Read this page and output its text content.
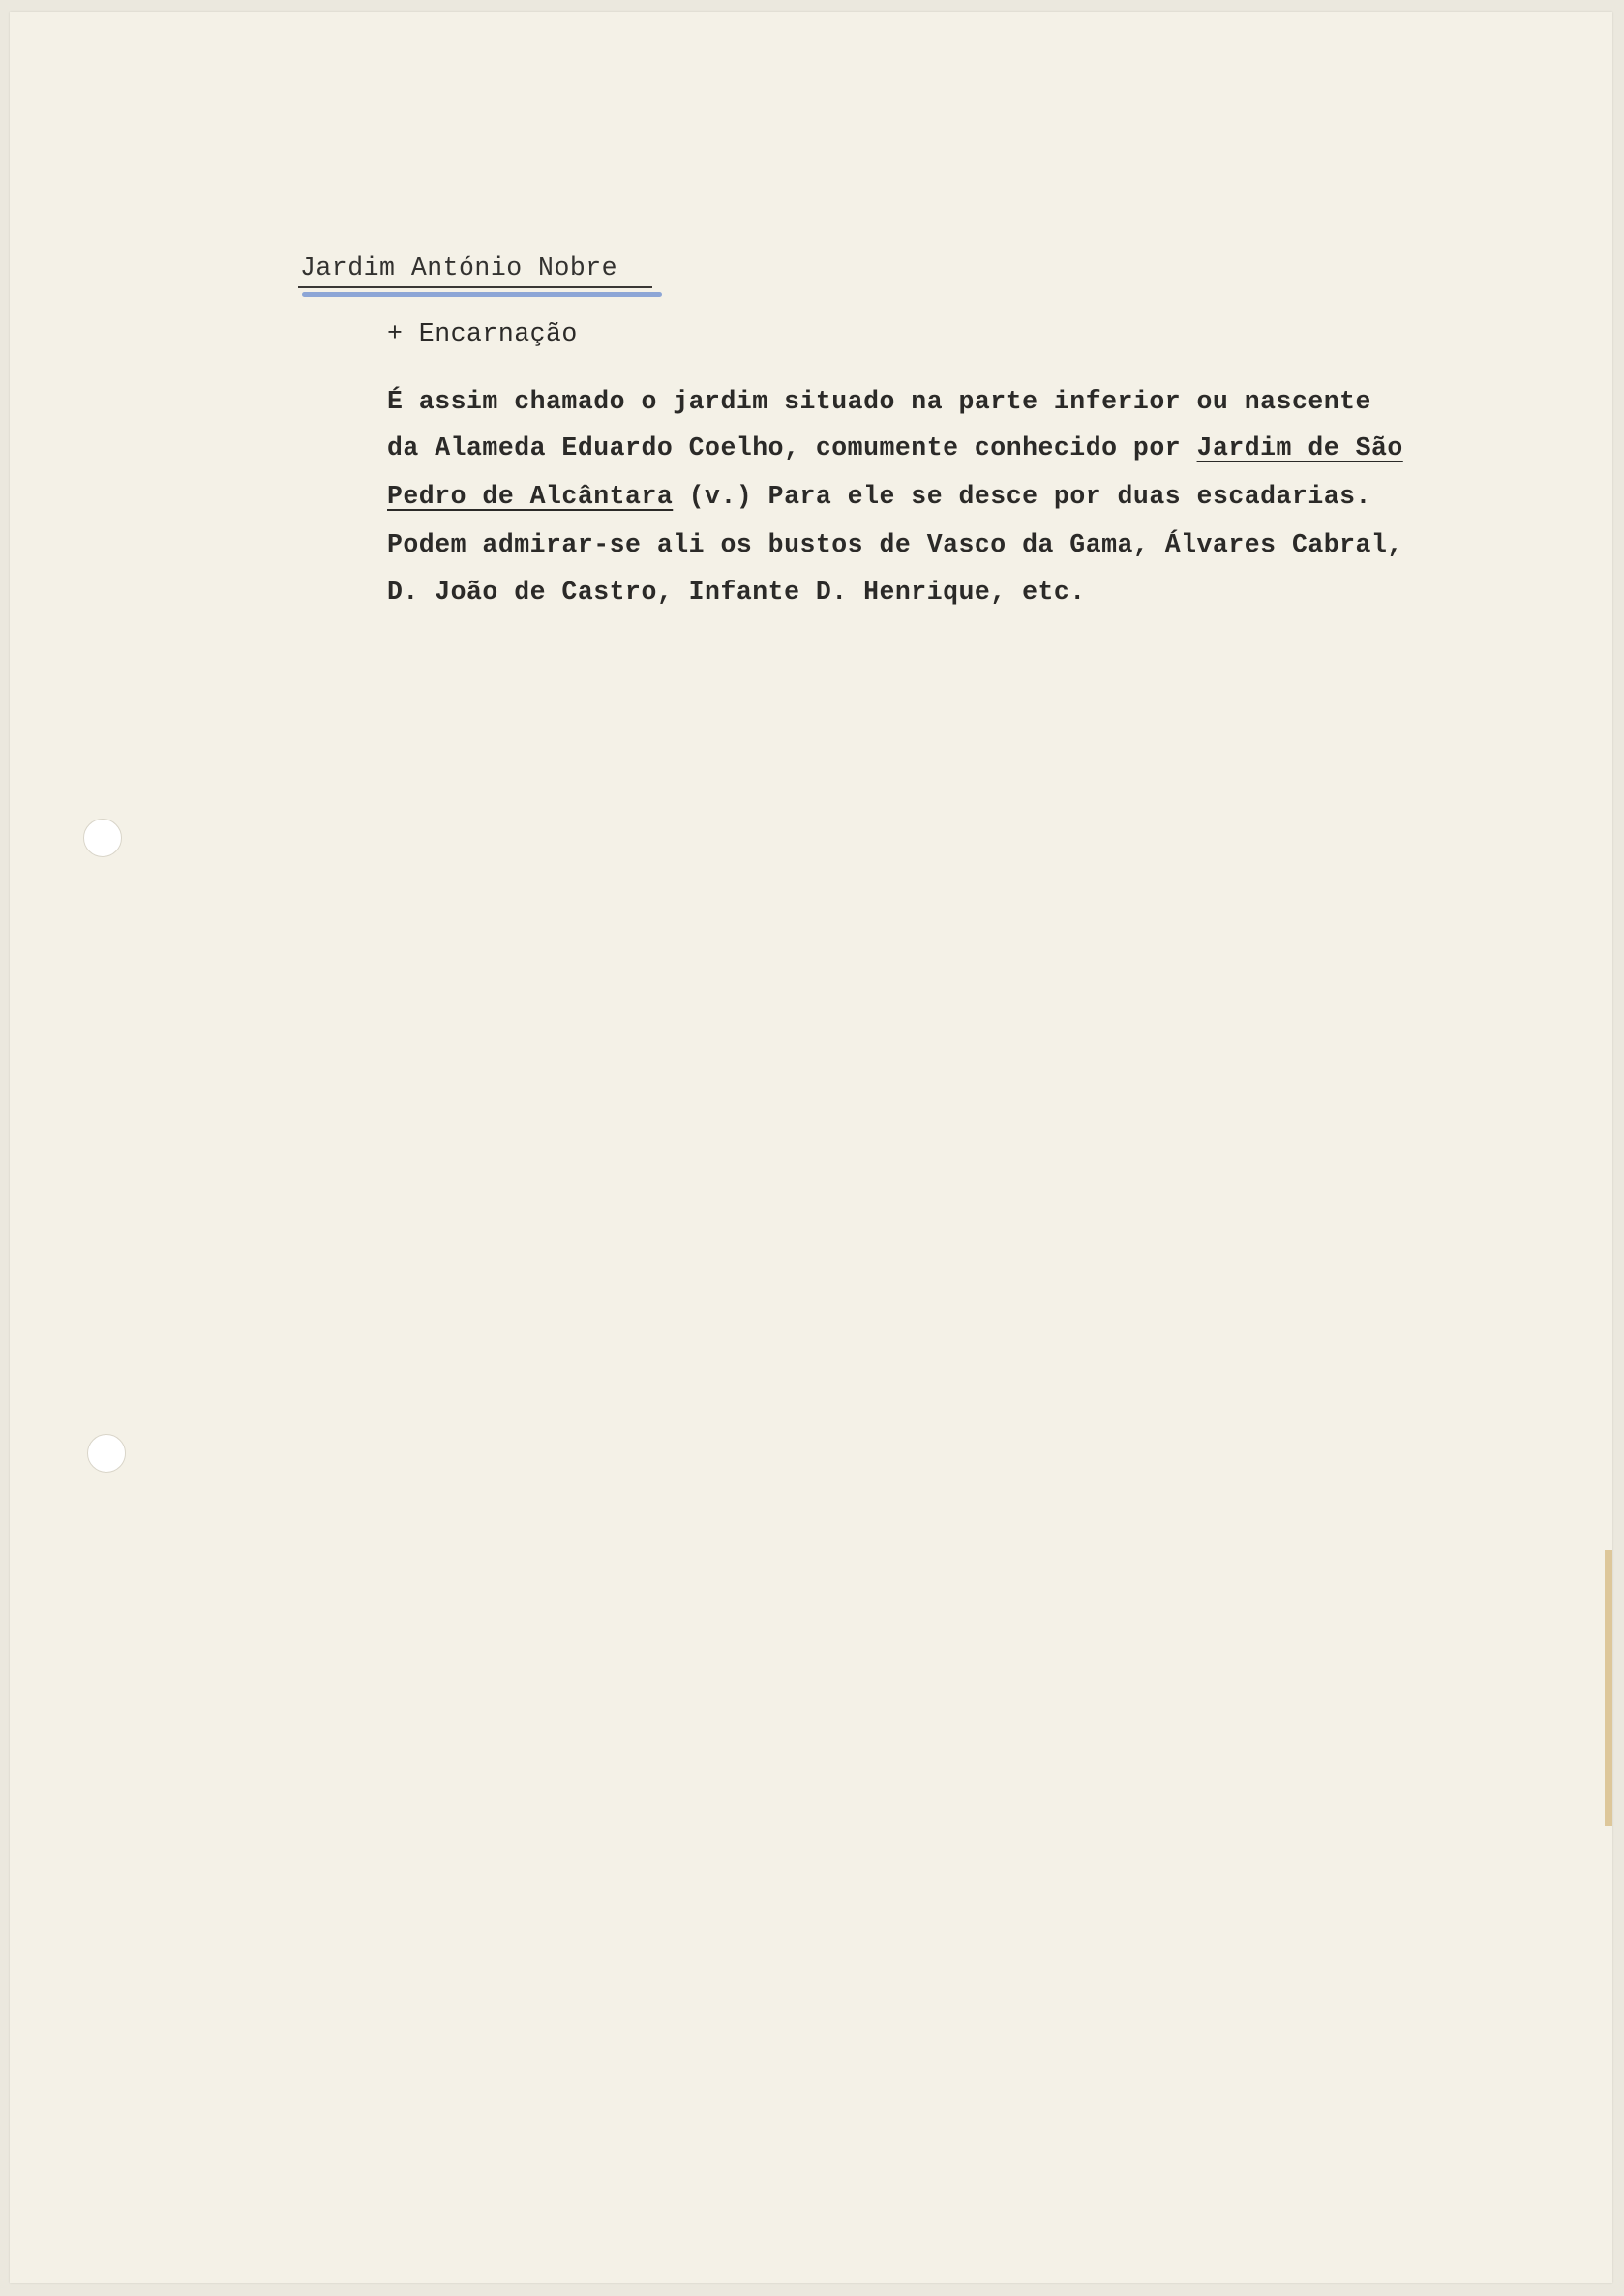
Jardim António Nobre
+ Encarnação
É assim chamado o jardim situado na parte inferior ou nascente
da Alameda Eduardo Coelho, comumente conhecido por Jardim de São
Pedro de Alcântara (v.) Para ele se desce por duas escadarias.
Podem admirar-se ali os bustos de Vasco da Gama, Álvares Cabral,
D. João de Castro, Infante D. Henrique, etc.
